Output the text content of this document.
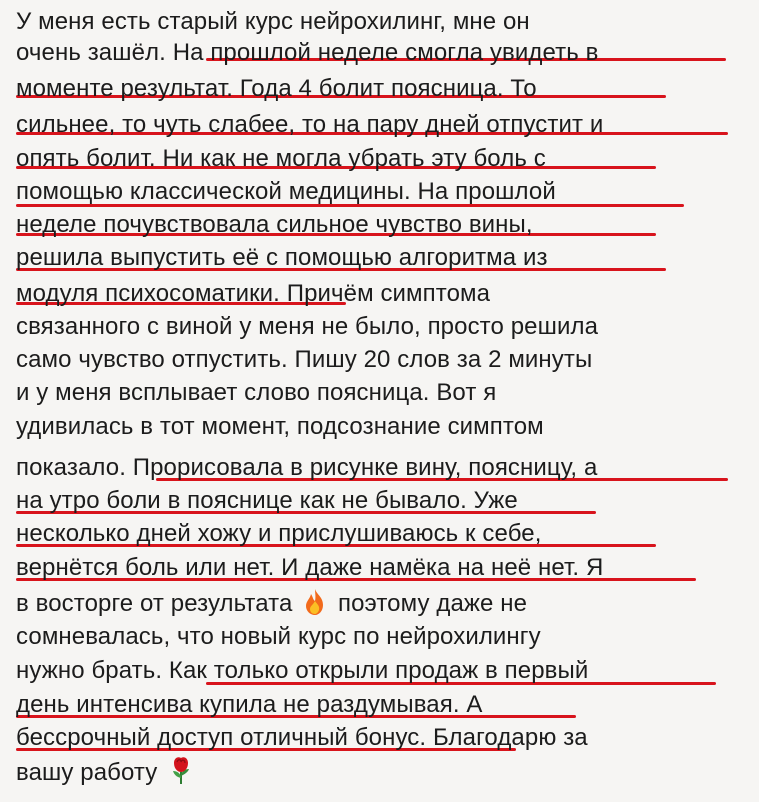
У меня есть старый курс нейрохилинг, мне он
очень зашёл. На прошлой неделе смогла увидеть в
моменте результат. Года 4 болит поясница. То
сильнее, то чуть слабее, то на пару дней отпустит и
опять болит. Ни как не могла убрать эту боль с
помощью классической медицины. На прошлой
неделе почувствовала сильное чувство вины,
решила выпустить её с помощью алгоритма из
модуля психосоматики. Причём симптома
связанного с виной у меня не было, просто решила
само чувство отпустить. Пишу 20 слов за 2 минуты
и у меня всплывает слово поясница. Вот я
удивилась в тот момент, подсознание симптом
показало. Прорисовала в рисунке вину, поясницу, а
на утро боли в пояснице как не бывало. Уже
несколько дней хожу и прислушиваюсь к себе,
вернётся боль или нет. И даже намёка на неё нет. Я
в восторге от результата поэтому даже не
сомневалась, что новый курс по нейрохилингу
нужно брать. Как только открыли продаж в первый
день интенсива купила не раздумывая. А
бессрочный доступ отличный бонус. Благодарю за
вашу работу
